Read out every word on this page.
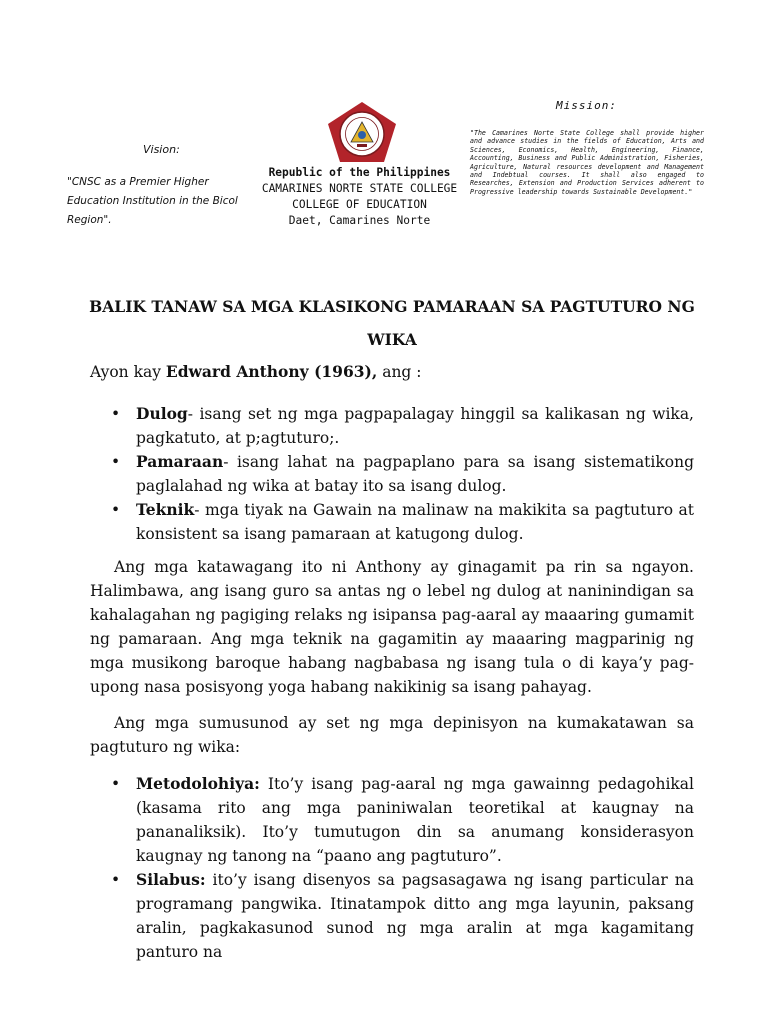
Mission:
"The Camarines Norte State College shall provide higher and advance studies in the fields of Education, Arts and Sciences, Economics, Health, Engineering, Finance, Accounting, Business and Public Administration, Fisheries, Agriculture, Natural resources development and Management and Indebtual courses. It shall also engaged to Researches, Extension and Production Services adherent to Progressive leadership towards Sustainable Development."
Vision:
"CNSC as a Premier Higher Education Institution in the Bicol Region".
Republic of the Philippines
CAMARINES NORTE STATE COLLEGE
COLLEGE OF EDUCATION
Daet, Camarines Norte
BALIK TANAW SA MGA KLASIKONG PAMARAAN SA PAGTUTURO NG WIKA
Ayon kay Edward Anthony (1963), ang :
• Dulog- isang set ng mga pagpapalagay hinggil sa kalikasan ng wika, pagkatuto, at p;agtuturo;.
• Pamaraan- isang lahat na pagpaplano para sa isang sistematikong paglalahad ng wika at batay ito sa isang dulog.
• Teknik- mga tiyak na Gawain na malinaw na makikita sa pagtuturo at konsistent sa isang pamaraan at katugong dulog.

Ang mga katawagang ito ni Anthony ay ginagamit pa rin sa ngayon. Halimbawa, ang isang guro sa antas ng o lebel ng dulog at naninindigan sa kahalagahan ng pagiging relaks ng isipansa pag-aaral ay maaaring gumamit ng pamaraan. Ang mga teknik na gagamitin ay maaaring magparinig ng mga musikong baroque habang nagbabasa ng isang tula o di kaya’y pag-upong nasa posisyong yoga habang nakikinig sa isang pahayag.

Ang mga sumusunod ay set ng mga depinisyon na kumakatawan sa pagtuturo ng wika:

• Metodolohiya: Ito’y isang pag-aaral ng mga gawainng pedagohikal (kasama rito ang mga paniniwalan teoretikal at kaugnay na pananaliksik). Ito’y tumutugon din sa anumang konsiderasyon kaugnay ng tanong na “paano ang pagtuturo”.
• Silabus: ito’y isang disenyos sa pagsasagawa ng isang particular na programang pangwika. Itinatampok ditto ang mga layunin, paksang aralin, pagkakasunod sunod ng mga aralin at mga kagamitang panturo na
